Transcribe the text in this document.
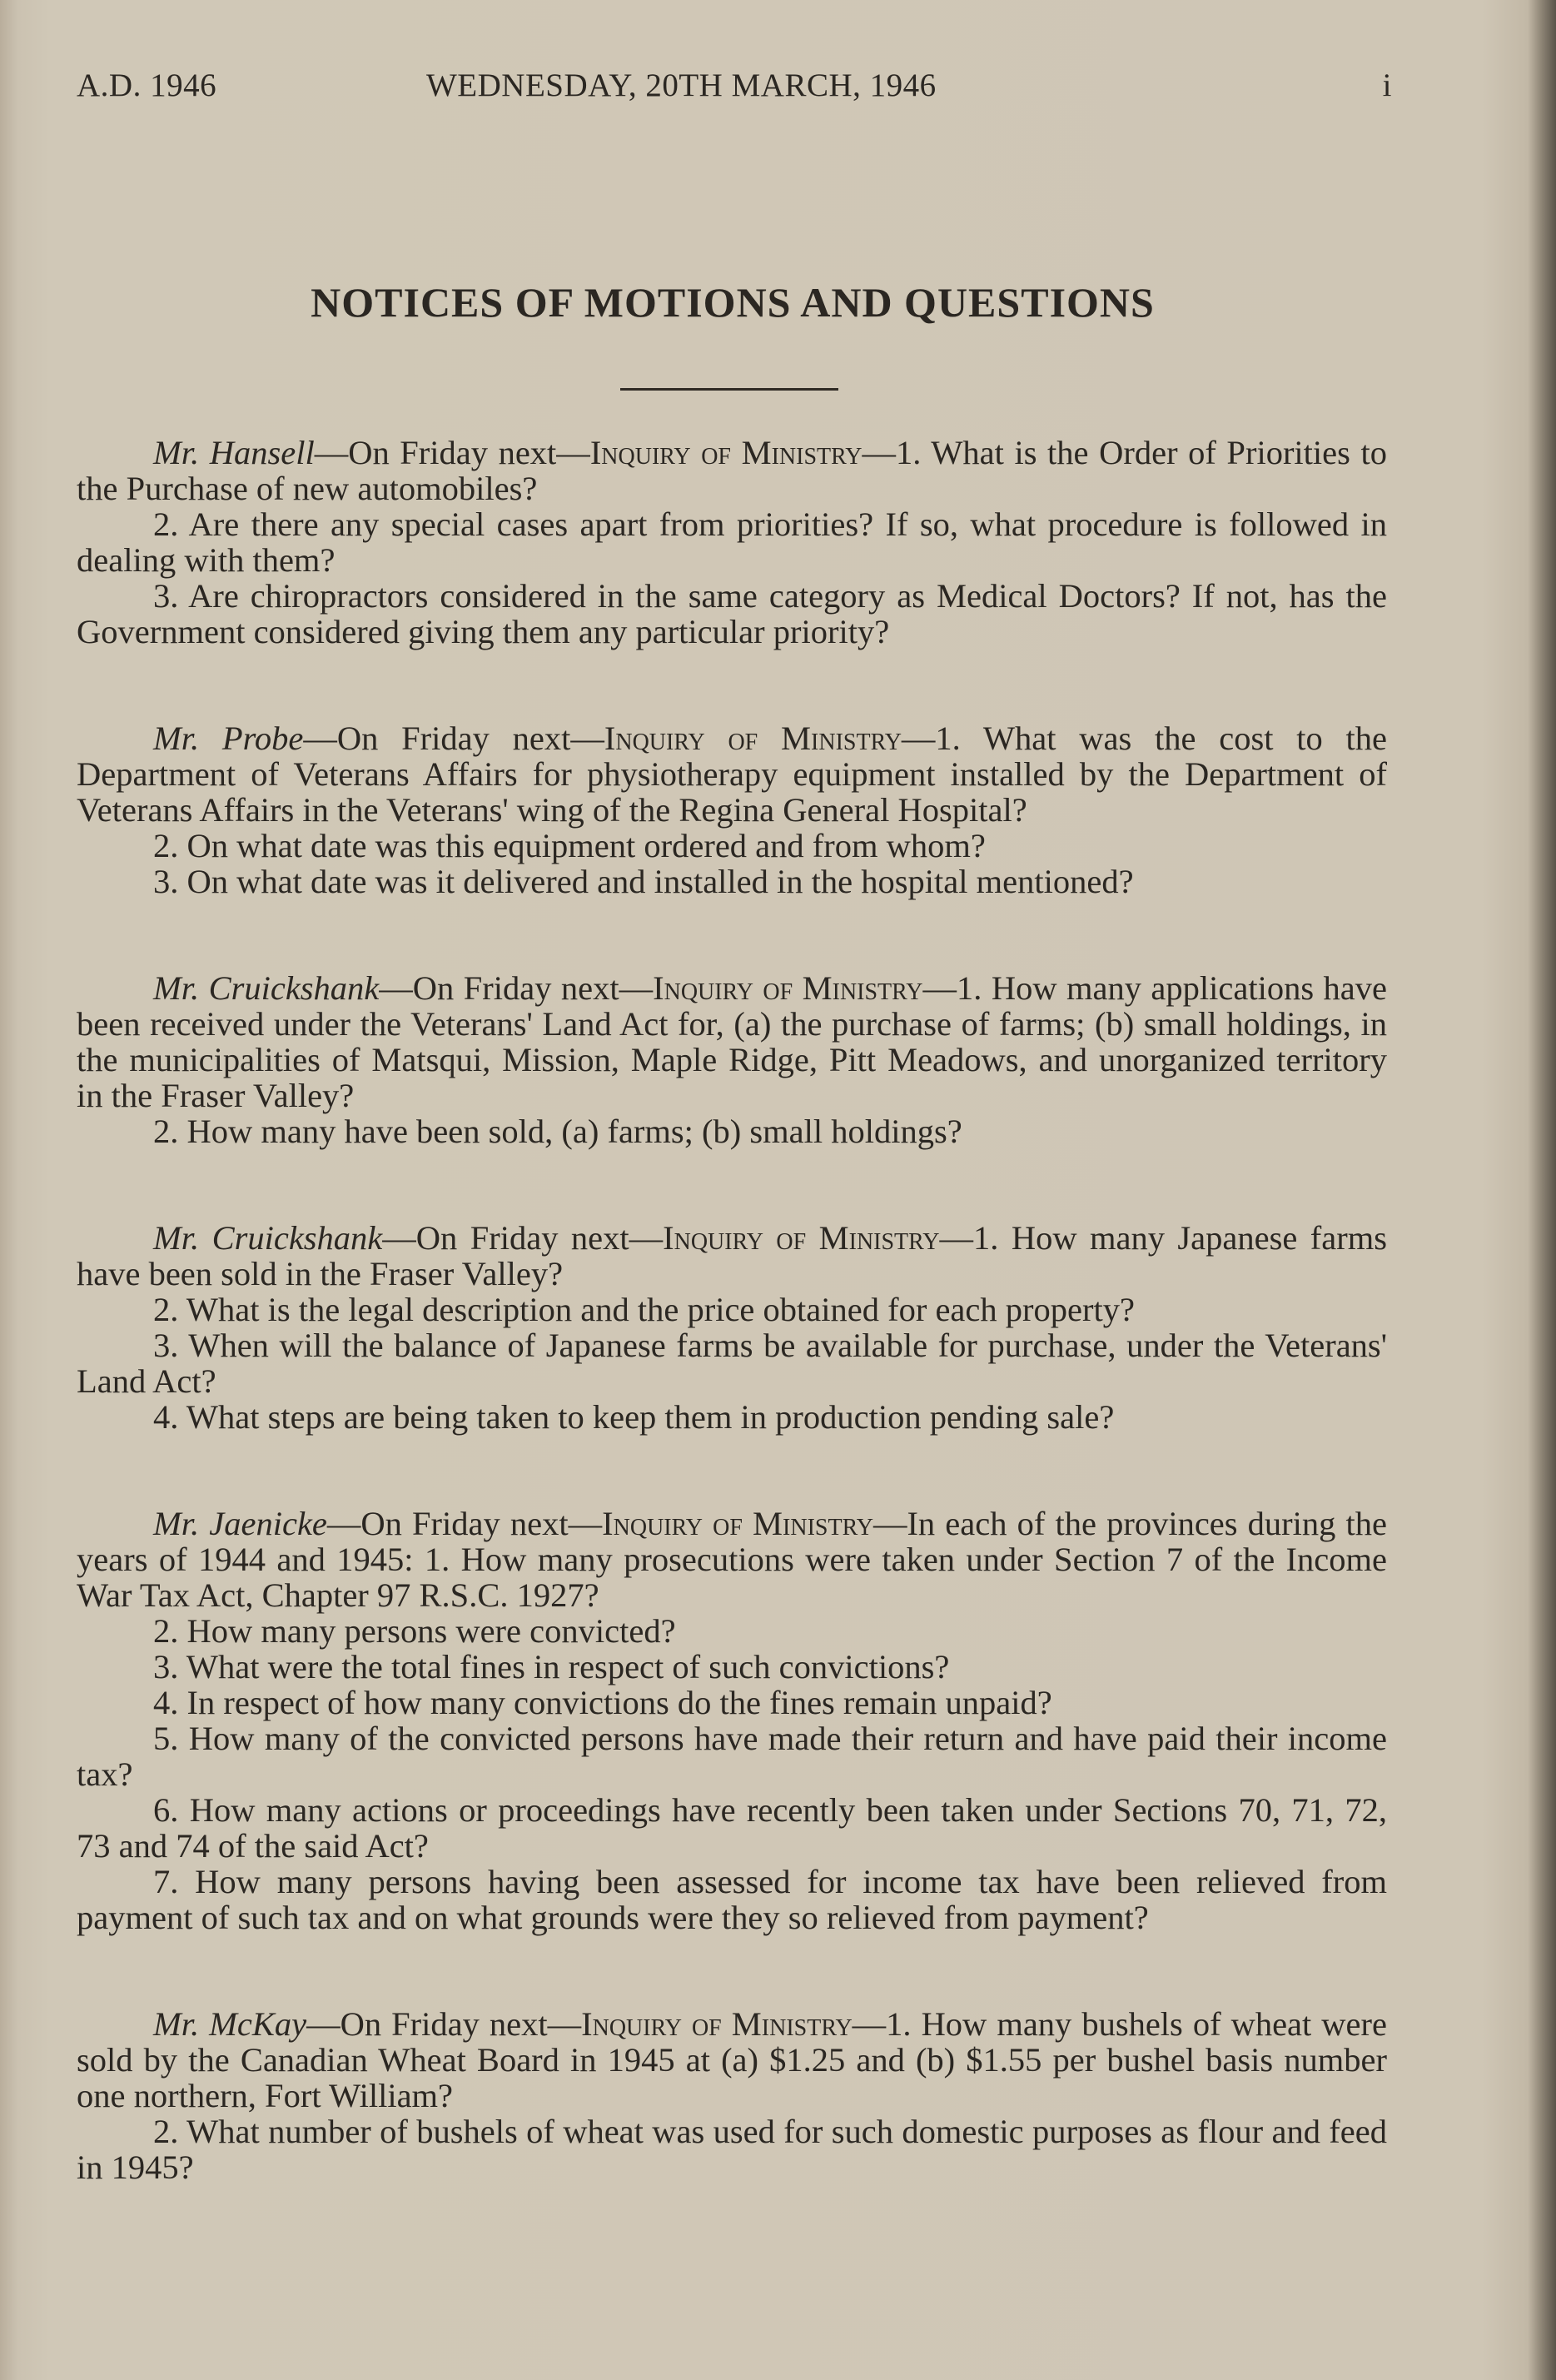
A.D. 1946	WEDNESDAY, 20TH MARCH, 1946	i
NOTICES OF MOTIONS AND QUESTIONS

Mr. Hansell—On Friday next—Inquiry of Ministry—1. What is the Order of Priorities to the Purchase of new automobiles?

2. Are there any special cases apart from priorities? If so, what procedure is followed in dealing with them?

3. Are chiropractors considered in the same category as Medical Doctors? If not, has the Government considered giving them any particular priority?

Mr. Probe—On Friday next—Inquiry of Ministry—1. What was the cost to the Department of Veterans Affairs for physiotherapy equipment installed by the Department of Veterans Affairs in the Veterans' wing of the Regina General Hospital?

2. On what date was this equipment ordered and from whom?

3. On what date was it delivered and installed in the hospital mentioned?

Mr. Cruickshank—On Friday next—Inquiry of Ministry—1. How many applications have been received under the Veterans' Land Act for, (a) the purchase of farms; (b) small holdings, in the municipalities of Matsqui, Mission, Maple Ridge, Pitt Meadows, and unorganized territory in the Fraser Valley?

2. How many have been sold, (a) farms; (b) small holdings?

Mr. Cruickshank—On Friday next—Inquiry of Ministry—1. How many Japanese farms have been sold in the Fraser Valley?

2. What is the legal description and the price obtained for each property?

3. When will the balance of Japanese farms be available for purchase, under the Veterans' Land Act?

4. What steps are being taken to keep them in production pending sale?

Mr. Jaenicke—On Friday next—Inquiry of Ministry—In each of the provinces during the years of 1944 and 1945: 1. How many prosecutions were taken under Section 7 of the Income War Tax Act, Chapter 97 R.S.C. 1927?

2. How many persons were convicted?

3. What were the total fines in respect of such convictions?

4. In respect of how many convictions do the fines remain unpaid?

5. How many of the convicted persons have made their return and have paid their income tax?

6. How many actions or proceedings have recently been taken under Sections 70, 71, 72, 73 and 74 of the said Act?

7. How many persons having been assessed for income tax have been relieved from payment of such tax and on what grounds were they so relieved from payment?

Mr. McKay—On Friday next—Inquiry of Ministry—1. How many bushels of wheat were sold by the Canadian Wheat Board in 1945 at (a) $1.25 and (b) $1.55 per bushel basis number one northern, Fort William?

2. What number of bushels of wheat was used for such domestic purposes as flour and feed in 1945?
